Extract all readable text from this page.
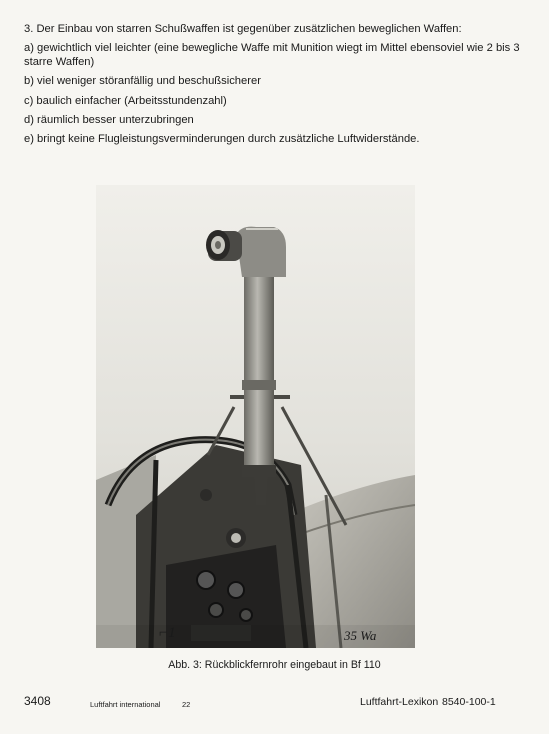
3. Der Einbau von starren Schußwaffen ist gegenüber zusätzlichen beweglichen Waffen:

a) gewichtlich viel leichter (eine bewegliche Waffe mit Munition wiegt im Mittel ebensoviel wie 2 bis 3 starre Waffen)

b) viel weniger störanfällig und beschußsicherer

c) baulich einfacher (Arbeitsstundenzahl)

d) räumlich besser unterzubringen

e) bringt keine Flugleistungsverminderungen durch zusätzliche Luftwiderstände.

⌐1	35 Wa
Abb. 3: Rückblickfernrohr eingebaut in Bf 110
3408	Luftfahrt international	22	Luftfahrt-Lexikon 8540-100-1
